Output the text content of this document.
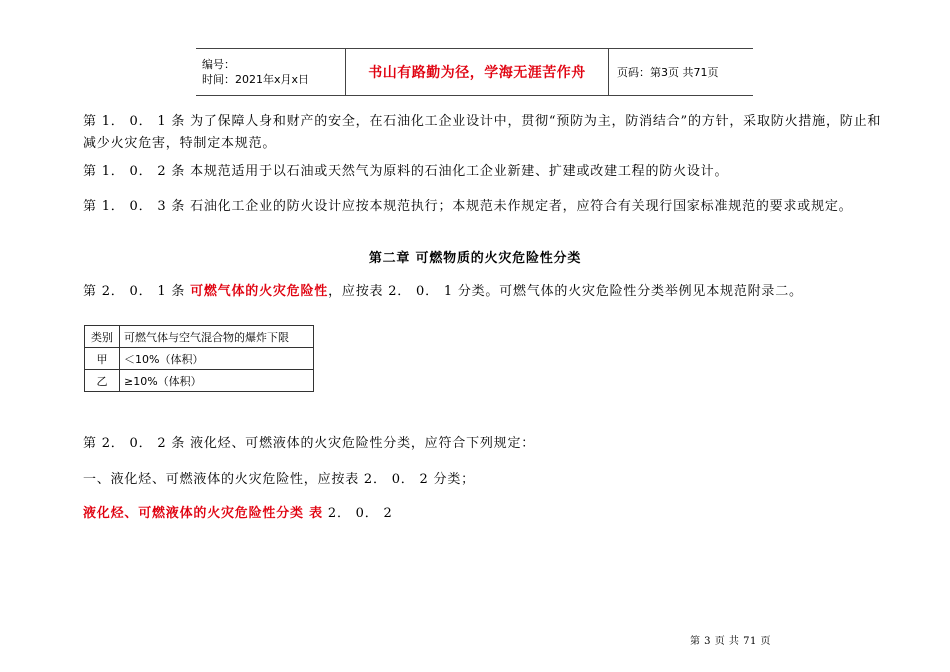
编号：
时间：2021年x月x日	书山有路勤为径，学海无涯苦作舟	页码：第3页 共71页
第 1． 0． 1 条 为了保障人身和财产的安全，在石油化工企业设计中，贯彻“预防为主，防消结合”的方针，采取防火措施，防止和减少火灾危害，特制定本规范。
第 1． 0． 2 条 本规范适用于以石油或天然气为原料的石油化工企业新建、扩建或改建工程的防火设计。
第 1． 0． 3 条 石油化工企业的防火设计应按本规范执行；本规范未作规定者，应符合有关现行国家标准规范的要求或规定。
第二章 可燃物质的火灾危险性分类
第 2． 0． 1 条 可燃气体的火灾危险性，应按表 2． 0． 1 分类。可燃气体的火灾危险性分类举例见本规范附录二。
类别	可燃气体与空气混合物的爆炸下限
甲	＜10%（体积）
乙	≥10%（体积）
第 2． 0． 2 条 液化烃、可燃液体的火灾危险性分类，应符合下列规定：
一、液化烃、可燃液体的火灾危险性，应按表 2． 0． 2 分类；
液化烃、可燃液体的火灾危险性分类 表 2． 0． 2
第 3 页 共 71 页
